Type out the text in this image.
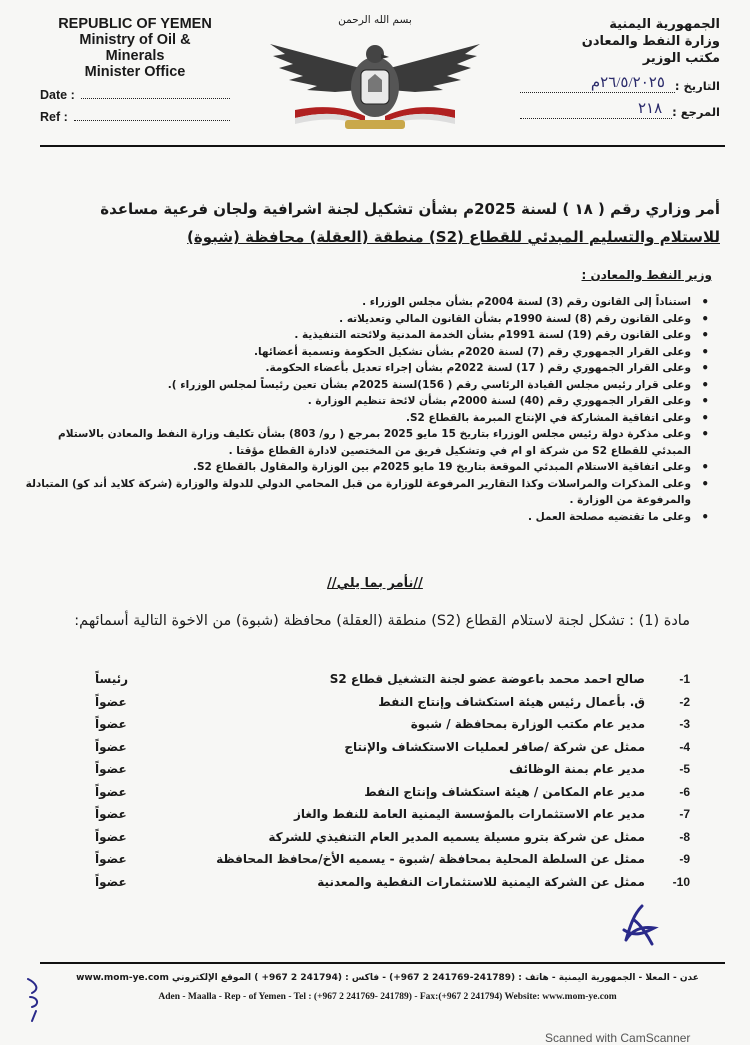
REPUBLIC OF YEMEN
Ministry of Oil &
Minerals
Minister Office
Date :
Ref :
بسم الله الرحمن	الجمهورية اليمنية
وزارة النفط والمعادن
مكتب الوزير
التاريخ :
٢٦/٥/٢٠٢٥م
المرجع :
٢١٨
أمر وزاري رقم ( ١٨ ) لسنة 2025م بشأن تشكيل لجنة اشرافية ولجان فرعية مساعدة
للاستلام والتسليم المبدئي للقطاع (S2) منطقة (العقلة) محافظة (شبوة)
وزير النفط والمعادن :
• استناداً إلى القانون رقم (3) لسنة 2004م بشأن مجلس الوزراء .
• وعلى القانون رقم (8) لسنة 1990م بشأن القانون المالي وتعديلاته .
• وعلى القانون رقم (19) لسنة 1991م بشأن الخدمة المدنية ولائحته التنفيذية .
• وعلى القرار الجمهوري رقم (7) لسنة 2020م بشأن تشكيل الحكومة وتسمية أعضائها.
• وعلى القرار الجمهوري رقم ( 17) لسنة 2022م بشأن إجراء تعديل بأعضاء الحكومة.
• وعلى قرار رئيس مجلس القيادة الرئاسي رقم ( 156)لسنة 2025م بشأن تعين رئيساً لمجلس الوزراء ).
• وعلى القرار الجمهوري رقم (40) لسنة 2000م بشأن لائحة تنظيم الوزارة .
• وعلى اتفاقية المشاركة في الإنتاج المبرمة بالقطاع S2.
• وعلى مذكرة دولة رئيس مجلس الوزراء بتاريخ 15 مايو 2025 بمرجع ( رو/ 803) بشأن تكليف وزارة النفط والمعادن بالاستلام المبدئي للقطاع S2 من شركة او ام في وتشكيل فريق من المختصين لادارة القطاع مؤقتا .
• وعلى اتفاقية الاستلام المبدئي الموقعة بتاريخ 19 مايو 2025م بين الوزارة والمقاول بالقطاع S2.
• وعلى المذكرات والمراسلات وكذا التقارير المرفوعة للوزارة من قبل المحامي الدولي للدولة والوزارة (شركة كلايد أند كو) المتبادلة والمرفوعة من الوزارة .
• وعلى ما تقتضيه مصلحة العمل .
//نأمر بما يلي//
مادة (1) : تشكل لجنة لاستلام القطاع (S2) منطقة (العقلة) محافظة (شبوة) من الاخوة التالية أسمائهم:
-1
صالح احمد محمد باعوضة عضو لجنة التشغيل قطاع S2
رئيساً
-2
ق. بأعمال رئيس هيئة استكشاف وإنتاج النفط
عضواً
-3
مدير عام مكتب الوزارة بمحافظة / شبوة
عضواً
-4
ممثل عن شركة /صافر لعمليات الاستكشاف والإنتاج
عضواً
-5
مدير عام بمنة الوظائف
عضواً
-6
مدير عام المكامن / هيئة استكشاف وإنتاج النفط
عضواً
-7
مدير عام الاستثمارات بالمؤسسة اليمنية العامة للنفط والغاز
عضواً
-8
ممثل عن شركة بترو مسيلة يسميه المدير العام التنفيذي للشركة
عضواً
-9
ممثل عن السلطة المحلية بمحافظة /شبوة - يسميه الأخ/محافظ المحافظة
عضواً
-10
ممثل عن الشركة اليمنية للاستثمارات النفطية والمعدنية
عضواً
عدن - المعلا - الجمهورية اليمنية - هاتف : (241789-241769 2 967+) - فاكس : (241794 2 967+ ) الموقع الإلكتروني www.mom-ye.com
Aden - Maalla - Rep - of Yemen - Tel : (+967 2 241769- 241789) - Fax:(+967 2 241794) Website: www.mom-ye.com
Scanned with CamScanner
